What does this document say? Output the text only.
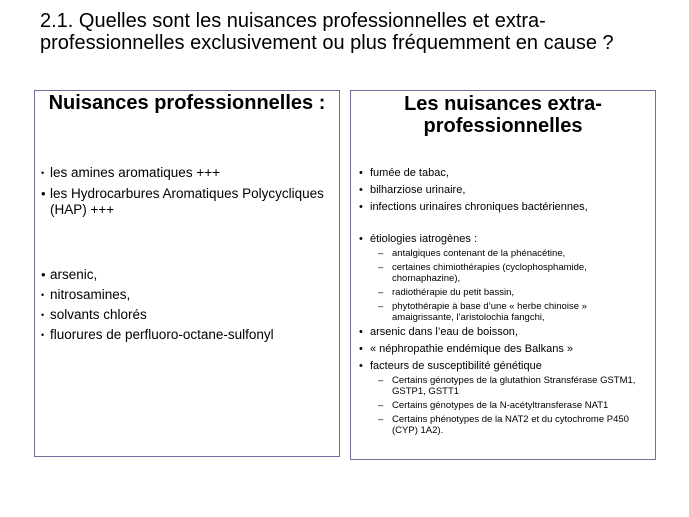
2.1. Quelles sont les nuisances professionnelles et extra-professionnelles exclusivement ou plus fréquemment en cause ?
Nuisances professionnelles :
• les amines aromatiques +++
• les Hydrocarbures Aromatiques Polycycliques (HAP) +++
• arsenic,
• nitrosamines,
• solvants chlorés
• fluorures de perfluoro-octane-sulfonyl
Les nuisances extra-professionnelles
• fumée de tabac,
• bilharziose urinaire,
• infections urinaires chroniques bactériennes,
• étiologies iatrogènes :
– antalgiques contenant de la phénacétine,
– certaines chimiothérapies (cyclophosphamide, chornaphazine),
– radiothérapie du petit bassin,
– phytothérapie à base d’une « herbe chinoise » amaigrissante, l’aristolochia fangchi,
• arsenic dans l’eau de boisson,
• « néphropathie endémique des Balkans »
• facteurs de susceptibilité génétique
– Certains génotypes de la glutathion Stransférase GSTM1, GSTP1, GSTT1
– Certains génotypes de la N-acétyltransferase NAT1
– Certains phénotypes de la NAT2 et du cytochrome P450 (CYP) 1A2).
